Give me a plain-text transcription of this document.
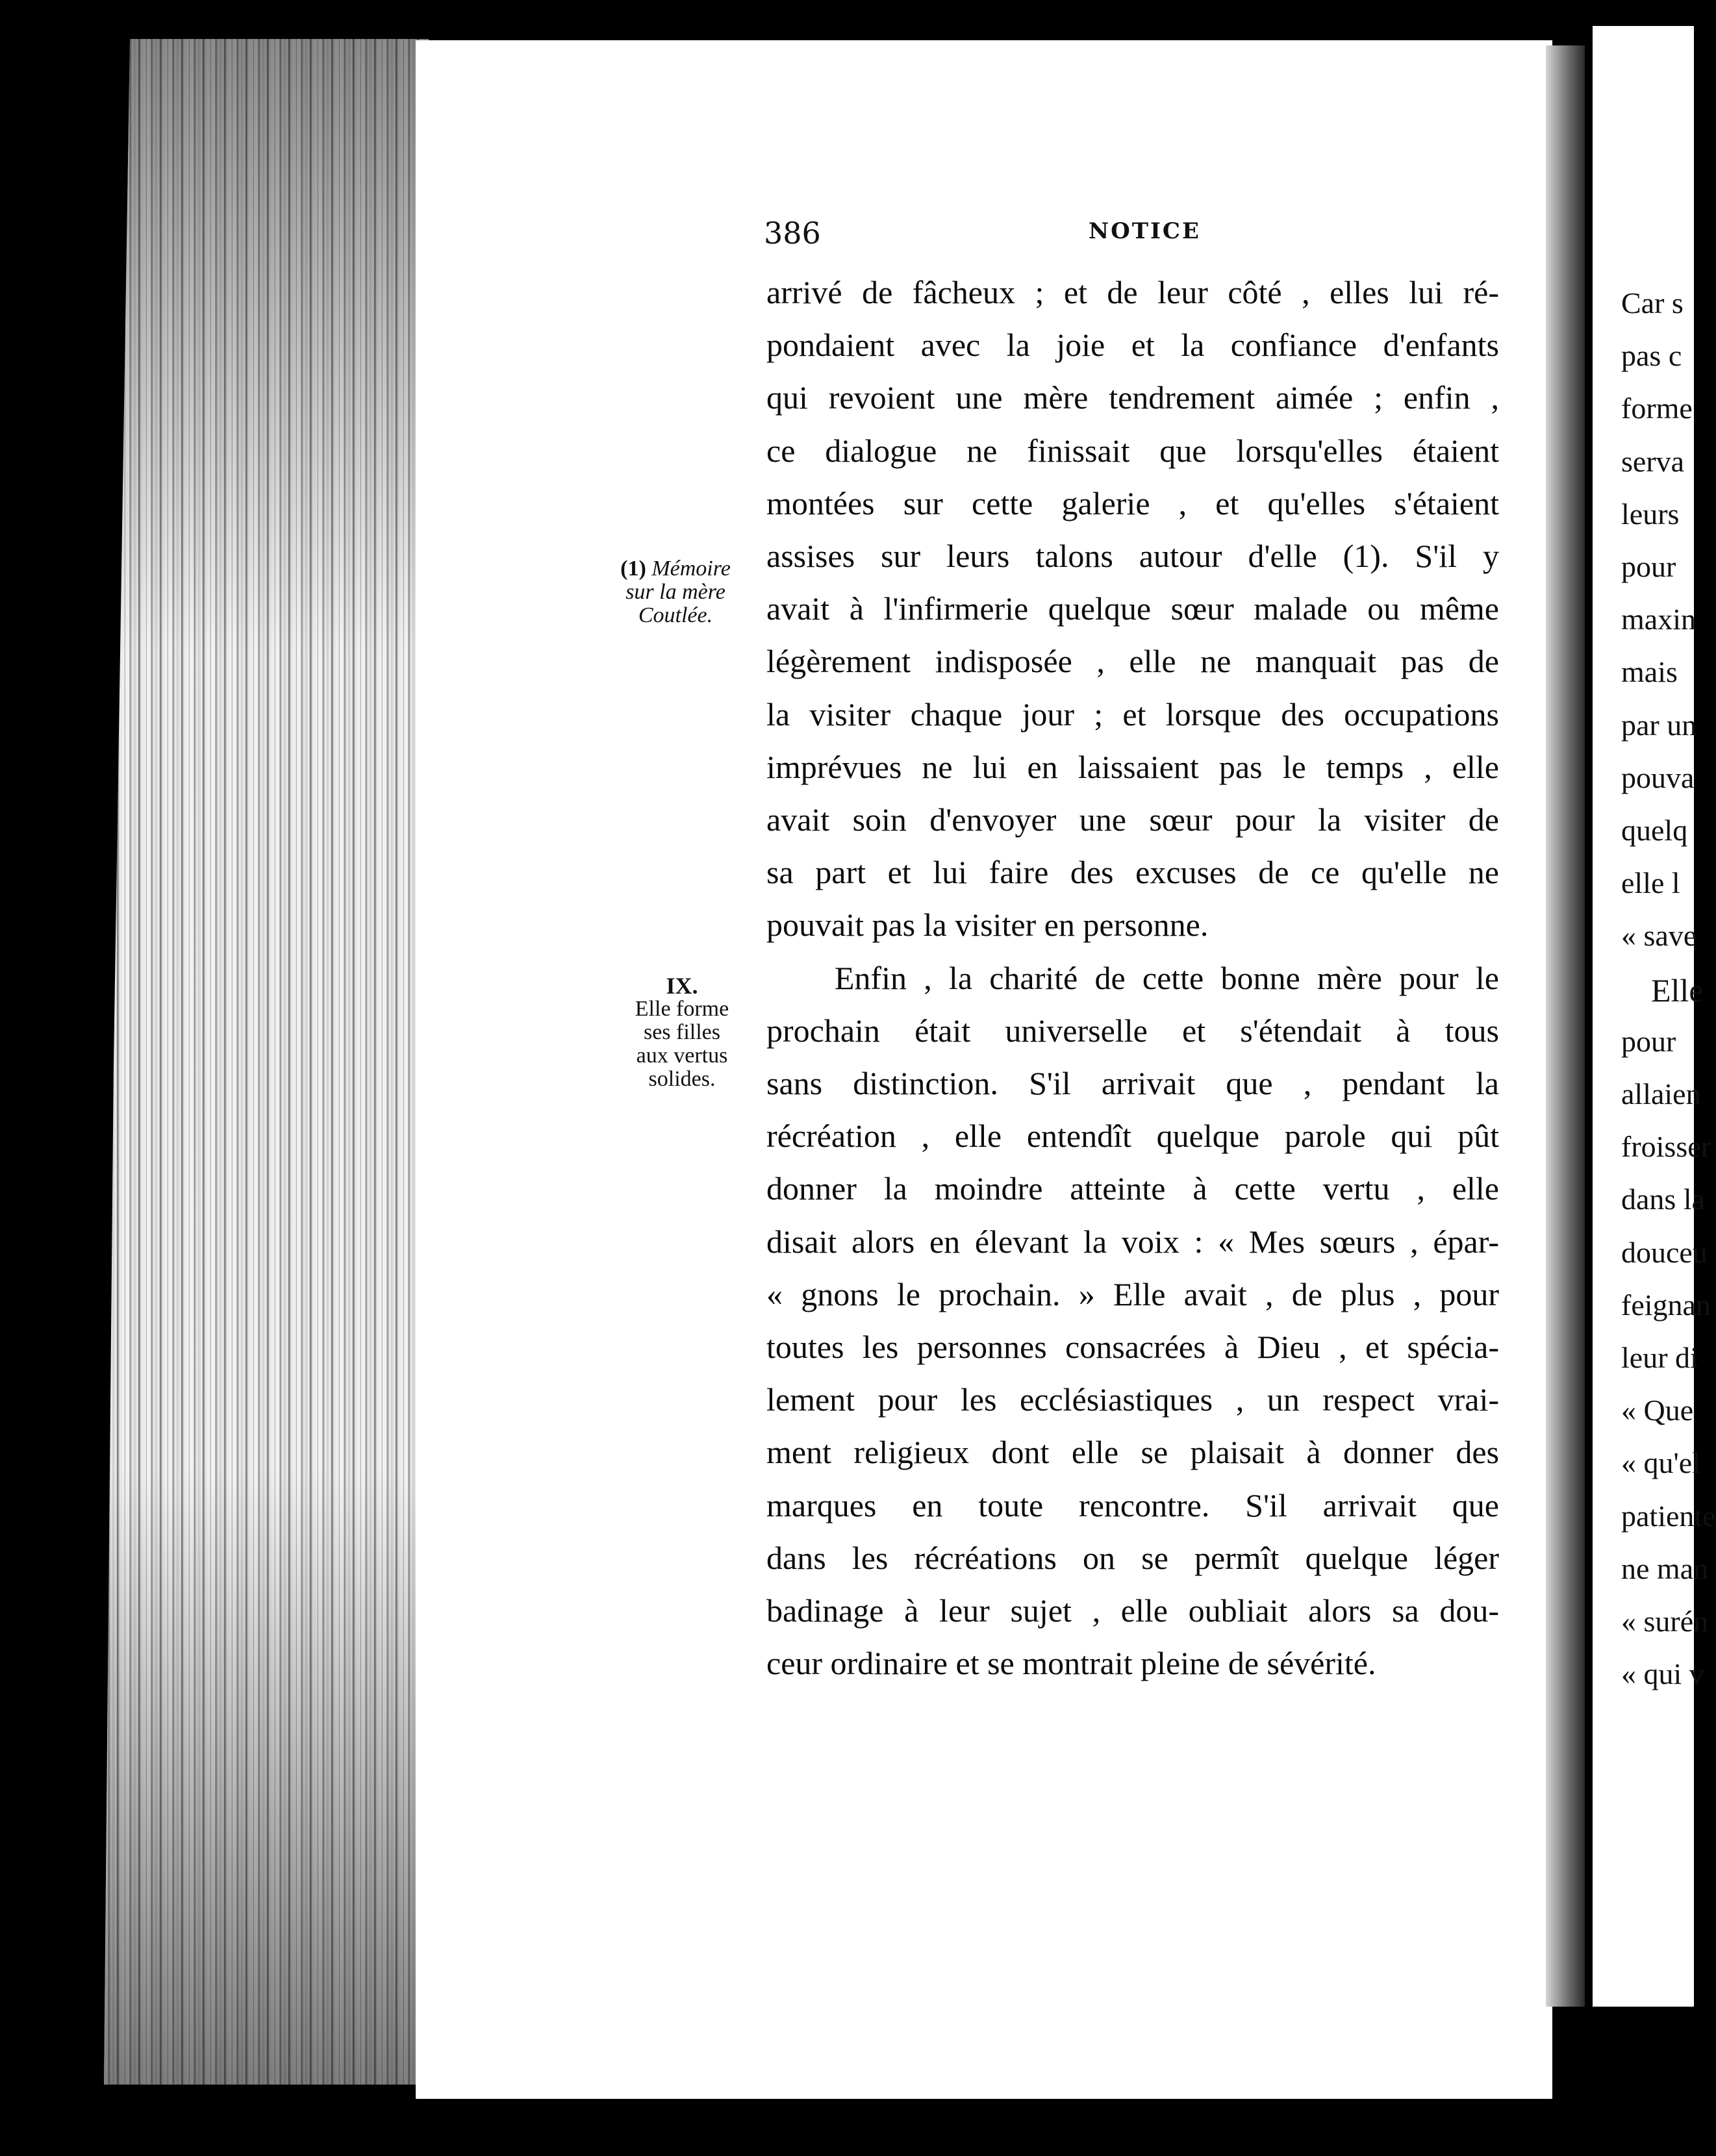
Car s
pas c
forme
serva
leurs
pour
maxin
mais
par un
pouva
quelq
elle l
« save
Elle
pour
allaien
froisser
dans la
douceu
feignan
leur di
« Que
« qu'el
patiente
ne man
« surén
« qui v
386	NOTICE
(1) Mémoire
sur la mère
Coutlée.
IX.
Elle forme
ses filles
aux vertus
solides.
arrivé de fâcheux ; et de leur côté , elles lui ré-
pondaient avec la joie et la confiance d'enfants
qui revoient une mère tendrement aimée ; enfin ,
ce dialogue ne finissait que lorsqu'elles étaient
montées sur cette galerie , et qu'elles s'étaient
assises sur leurs talons autour d'elle (1). S'il y
avait à l'infirmerie quelque sœur malade ou même
légèrement indisposée , elle ne manquait pas de
la visiter chaque jour ; et lorsque des occupations
imprévues ne lui en laissaient pas le temps , elle
avait soin d'envoyer une sœur pour la visiter de
sa part et lui faire des excuses de ce qu'elle ne
pouvait pas la visiter en personne.
Enfin , la charité de cette bonne mère pour le
prochain était universelle et s'étendait à tous
sans distinction. S'il arrivait que , pendant la
récréation , elle entendît quelque parole qui pût
donner la moindre atteinte à cette vertu , elle
disait alors en élevant la voix : « Mes sœurs , épar-
« gnons le prochain. » Elle avait , de plus , pour
toutes les personnes consacrées à Dieu , et spécia-
lement pour les ecclésiastiques , un respect vrai-
ment religieux dont elle se plaisait à donner des
marques en toute rencontre. S'il arrivait que
dans les récréations on se permît quelque léger
badinage à leur sujet , elle oubliait alors sa dou-
ceur ordinaire et se montrait pleine de sévérité.
